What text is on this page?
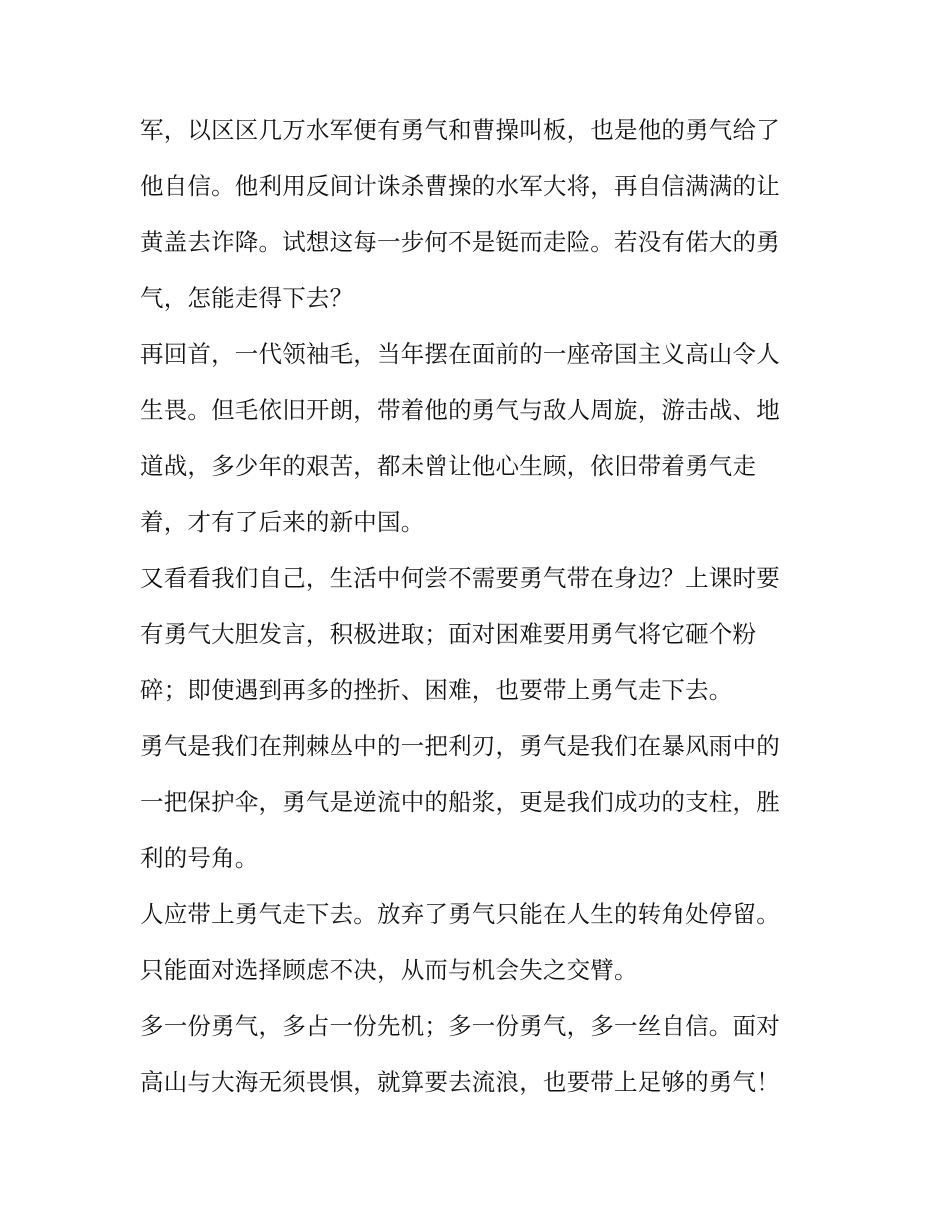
军，以区区几万水军便有勇气和曹操叫板，也是他的勇气给了
他自信。他利用反间计诛杀曹操的水军大将，再自信满满的让
黄盖去诈降。试想这每一步何不是铤而走险。若没有偌大的勇
气，怎能走得下去？
再回首，一代领袖毛，当年摆在面前的一座帝国主义高山令人
生畏。但毛依旧开朗，带着他的勇气与敌人周旋，游击战、地
道战，多少年的艰苦，都未曾让他心生顾，依旧带着勇气走
着，才有了后来的新中国。
又看看我们自己，生活中何尝不需要勇气带在身边？上课时要
有勇气大胆发言，积极进取；面对困难要用勇气将它砸个粉
碎；即使遇到再多的挫折、困难，也要带上勇气走下去。
勇气是我们在荆棘丛中的一把利刃，勇气是我们在暴风雨中的
一把保护伞，勇气是逆流中的船浆，更是我们成功的支柱，胜
利的号角。
人应带上勇气走下去。放弃了勇气只能在人生的转角处停留。
只能面对选择顾虑不决，从而与机会失之交臂。
多一份勇气，多占一份先机；多一份勇气，多一丝自信。面对
高山与大海无须畏惧，就算要去流浪，也要带上足够的勇气！
